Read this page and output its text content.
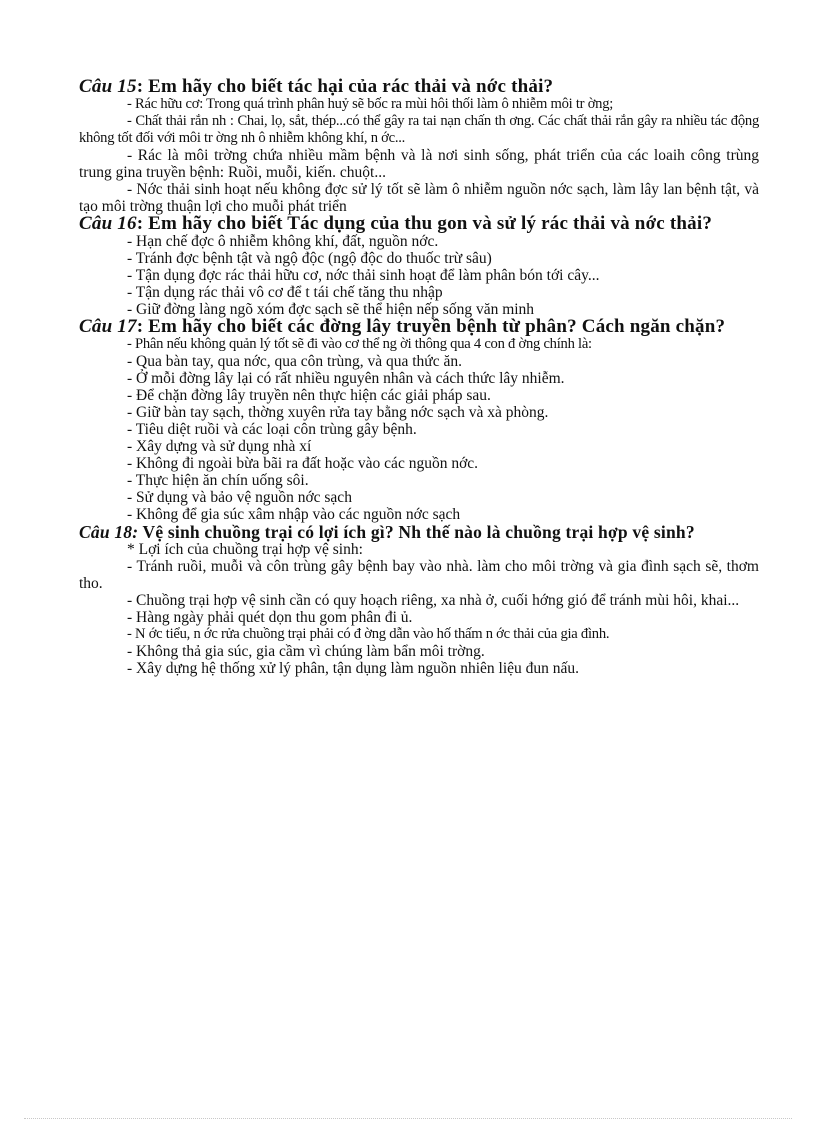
Câu 15: Em hãy cho biết tác hại của rác thải và nớc thải?

- Rác hữu cơ: Trong quá trình phân huỷ sẽ bốc ra mùi hôi thối làm ô nhiễm môi tr ờng;

- Chất thải rắn nh : Chai, lọ, sắt, thép...có thể gây ra tai nạn chấn th ơng. Các chất thải rắn gây ra nhiều tác động không tốt đối với môi tr ờng nh ô nhiễm không khí, n ớc...

- Rác là môi trờng chứa nhiều mầm bệnh và là nơi sinh sống, phát triển của các loaih công trùng trung gina truyền bệnh: Ruồi, muỗi, kiến. chuột...

- Nớc thải sinh hoạt nếu không đợc sử lý tốt sẽ làm ô nhiễm nguồn nớc sạch, làm lây lan bệnh tật, và tạo môi trờng thuận lợi cho muỗi phát triển

Câu 16: Em hãy cho biết Tác dụng của thu gon và sử lý rác thải và nớc thải?

- Hạn chế đợc ô nhiễm không khí, đất, nguồn nớc.

- Tránh đợc bệnh tật và ngộ độc (ngộ độc do thuốc trừ sâu)

- Tận dụng đợc rác thải hữu cơ, nớc thải sinh hoạt để làm phân bón tới cây...

- Tận dụng rác thải vô cơ để t tái chế tăng thu nhập

- Giữ đờng làng ngõ xóm đợc sạch sẽ thể hiện nếp sống văn minh

Câu 17: Em hãy cho biết các đờng lây truyền bệnh từ phân? Cách ngăn chặn?

- Phân nếu không quản lý tốt sẽ đi vào cơ thể ng ời thông qua 4 con đ ờng chính là:

- Qua bàn tay, qua nớc, qua côn trùng, và qua thức ăn.

- Ở mỗi đờng lây lại có rất nhiều nguyên nhân và cách thức lây nhiễm.

- Để chặn đờng lây truyền nên thực hiện các giải pháp sau.

- Giữ bàn tay sạch, thờng xuyên rửa tay bằng nớc sạch và xà phòng.

- Tiêu diệt ruồi và các loại côn trùng gây bệnh.

- Xây dựng và sử dụng nhà xí

- Không đi ngoài bừa bãi ra đất hoặc vào các nguồn nớc.

- Thực hiện ăn chín uống sôi.

- Sử dụng và bảo vệ nguồn nớc sạch

- Không để gia súc xâm nhập vào các nguồn nớc sạch

Câu 18: Vệ sinh chuồng trại có lợi ích gì? Nh thế nào là chuồng trại hợp vệ sinh?

* Lợi ích của chuồng trại hợp vệ sinh:

- Tránh ruồi, muỗi và côn trùng gây bệnh bay vào nhà. làm cho môi trờng và gia đình sạch sẽ, thơm tho.

- Chuồng trại hợp vệ sinh cần có quy hoạch riêng, xa nhà ở, cuối hớng gió để tránh mùi hôi, khai...

- Hàng ngày phải quét dọn thu gom phân đi ủ.

- N ớc tiểu, n ớc rửa chuồng trại phải có đ ờng dẫn vào hố thấm n ớc thải của gia đình.

- Không thả gia súc, gia cầm vì chúng làm bẩn môi trờng.

- Xây dựng hệ thống xử lý phân, tận dụng làm nguồn nhiên liệu đun nấu.
